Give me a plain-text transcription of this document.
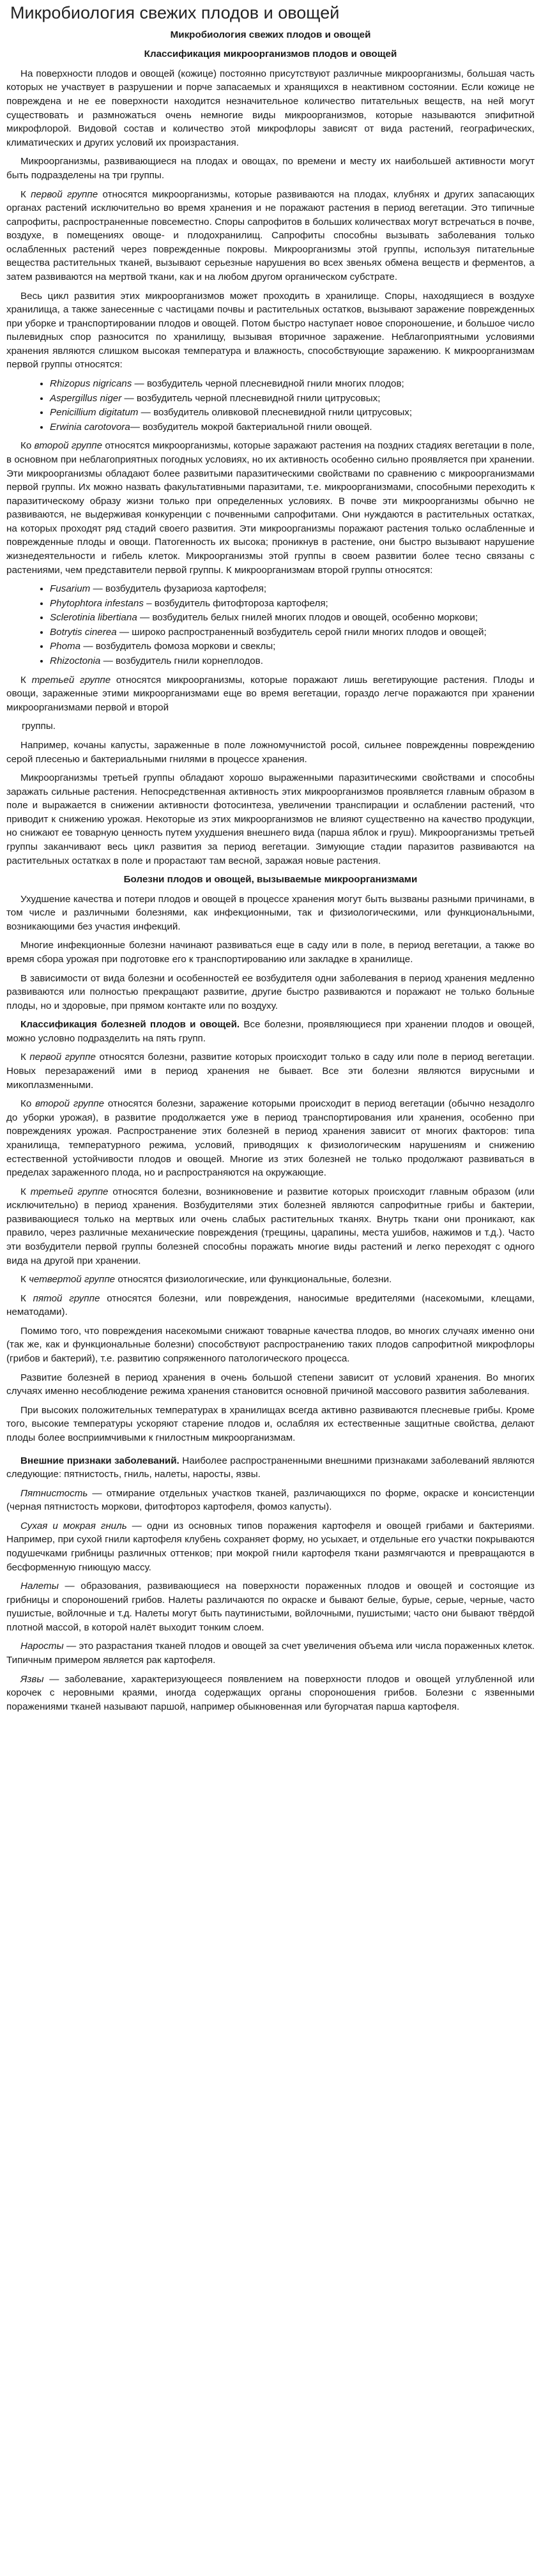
Микробиология свежих плодов и овощей
Микробиология свежих плодов и овощей
Классификация микроорганизмов плодов и овощей

На поверхности плодов и овощей (кожице) постоянно присутствуют различные микроорганизмы, большая часть которых не участвует в разрушении и порче запасаемых и хранящихся в неактивном состоянии. Если кожице не повреждена и не ее поверхности находится незначительное количество питательных веществ, на ней могут существовать и размножаться очень немногие виды микроорганизмов, которые называются эпифитной микрофлорой. Видовой состав и количество этой микрофлоры зависят от вида растений, географических, климатических и других условий их произрастания.

Микроорганизмы, развивающиеся на плодах и овощах, по времени и месту их наибольшей активности могут быть подразделены на три группы.

К первой группе относятся микроорганизмы, которые развиваются на плодах, клубнях и других запасающих органах растений исключительно во время хранения и не поражают растения в период вегетации. Это типичные сапрофиты, распространенные повсеместно. Споры сапрофитов в больших количествах могут встречаться в почве, воздухе, в помещениях овоще- и плодохранилищ. Сапрофиты способны вызывать заболевания только ослабленных растений через поврежденные покровы. Микроорганизмы этой группы, используя питательные вещества растительных тканей, вызывают серьезные нарушения во всех звеньях обмена веществ и ферментов, а затем развиваются на мертвой ткани, как и на любом другом органическом субстрате.

Весь цикл развития этих микроорганизмов может проходить в хранилище. Споры, находящиеся в воздухе хранилища, а также занесенные с частицами почвы и растительных остатков, вызывают заражение поврежденных при уборке и транспортировании плодов и овощей. Потом быстро наступает новое спороношение, и большое число пылевидных спор разносится по хранилищу, вызывая вторичное заражение. Неблагоприятными условиями хранения являются слишком высокая температура и влажность, способствующие заражению. К микроорганизмам первой группы относятся:

• Rhizopus nigricans — возбудитель черной плесневидной гнили многих плодов;
• Aspergillus niger — возбудитель черной плесневидной гнили цитрусовых;
• Penicillium digitatum — возбудитель оливковой плесневидной гнили цитрусовых;
• Erwinia carotovora— возбудитель мокрой бактериальной гнили овощей.

Ко второй группе относятся микроорганизмы, которые заражают растения на поздних стадиях вегетации в поле, в основном при неблагоприятных погодных условиях, но их активность особенно сильно проявляется при хранении. Эти микроорганизмы обладают более развитыми паразитическими свойствами по сравнению с микроорганизмами первой группы. Их можно назвать факультативными паразитами, т.е. микроорганизмами, способными переходить к паразитическому образу жизни только при определенных условиях. В почве эти микроорганизмы обычно не развиваются, не выдерживая конкуренции с почвенными сапрофитами. Они нуждаются в растительных остатках, на которых проходят ряд стадий своего развития. Эти микроорганизмы поражают растения только ослабленные и поврежденные плоды и овощи. Патогенность их высока; проникнув в растение, они быстро вызывают нарушение жизнедеятельности и гибель клеток. Микроорганизмы этой группы в своем развитии более тесно связаны с растениями, чем представители первой группы. К микроорганизмам второй группы относятся:

• Fusarium — возбудитель фузариоза картофеля;
• Phytophtora infestans – возбудитель фитофтороза картофеля;
• Sclerotinia libertiana — возбудитель белых гнилей многих плодов и овощей, особенно моркови;
• Botrytis cinerea — широко распространенный возбудитель серой гнили многих плодов и овощей;
• Phoma — возбудитель фомоза моркови и свеклы;
• Rhizoctonia — возбудитель гнили корнеплодов.

К третьей группе относятся микроорганизмы, которые поражают лишь вегетирующие растения. Плоды и овощи, зараженные этими микроорганизмами еще во время вегетации, гораздо легче поражаются при хранении микроорганизмами первой и второй

группы.

Например, кочаны капусты, зараженные в поле ложномучнистой росой, сильнее поврежденны повреждению серой плесенью и бактериальными гнилями в процессе хранения.

Микроорганизмы третьей группы обладают хорошо выраженными паразитическими свойствами и способны заражать сильные растения. Непосредственная активность этих микроорганизмов проявляется главным образом в поле и выражается в снижении активности фотосинтеза, увеличении транспирации и ослаблении растений, что приводит к снижению урожая. Некоторые из этих микроорганизмов не влияют существенно на качество продукции, но снижают ее товарную ценность путем ухудшения внешнего вида (парша яблок и груш). Микроорганизмы третьей группы заканчивают весь цикл развития за период вегетации. Зимующие стадии паразитов развиваются на растительных остатках в поле и прорастают там весной, заражая новые растения.

Болезни плодов и овощей, вызываемые микроорганизмами

Ухудшение качества и потери плодов и овощей в процессе хранения могут быть вызваны разными причинами, в том числе и различными болезнями, как инфекционными, так и физиологическими, или функциональными, возникающими без участия инфекций.

Многие инфекционные болезни начинают развиваться еще в саду или в поле, в период вегетации, а также во время сбора урожая при подготовке его к транспортированию или закладке в хранилище.

В зависимости от вида болезни и особенностей ее возбудителя одни заболевания в период хранения медленно развиваются или полностью прекращают развитие, другие быстро развиваются и поражают не только больные плоды, но и здоровые, при прямом контакте или по воздуху.

Классификация болезней плодов и овощей. Все болезни, проявляющиеся при хранении плодов и овощей, можно условно подразделить на пять групп.

К первой группе относятся болезни, развитие которых происходит только в саду или поле в период вегетации. Новых перезаражений ими в период хранения не бывает. Все эти болезни являются вирусными и микоплазменными.

Ко второй группе относятся болезни, заражение которыми происходит в период вегетации (обычно незадолго до уборки урожая), в развитие продолжается уже в период транспортирования или хранения, особенно при повреждениях урожая. Распространение этих болезней в период хранения зависит от многих факторов: типа хранилища, температурного режима, условий, приводящих к физиологическим нарушениям и снижению естественной устойчивости плодов и овощей. Многие из этих болезней не только продолжают развиваться в пределах зараженного плода, но и распространяются на окружающие.

К третьей группе относятся болезни, возникновение и развитие которых происходит главным образом (или исключительно) в период хранения. Возбудителями этих болезней являются сапрофитные грибы и бактерии, развивающиеся только на мертвых или очень слабых растительных тканях. Внутрь ткани они проникают, как правило, через различные механические повреждения (трещины, царапины, места ушибов, нажимов и т.д.). Часто эти возбудители первой группы болезней способны поражать многие виды растений и легко переходят с одного вида на другой при хранении.

К четвертой группе относятся физиологические, или функциональные, болезни.

К пятой группе относятся болезни, или повреждения, наносимые вредителями (насекомыми, клещами, нематодами).

Помимо того, что повреждения насекомыми снижают товарные качества плодов, во многих случаях именно они (так же, как и функциональные болезни) способствуют распространению таких плодов сапрофитной микрофлоры (грибов и бактерий), т.е. развитию сопряженного патологического процесса.

Развитие болезней в период хранения в очень большой степени зависит от условий хранения. Во многих случаях именно несоблюдение режима хранения становится основной причиной массового развития заболевания.

При высоких положительных температурах в хранилищах всегда активно развиваются плесневые грибы. Кроме того, высокие температуры ускоряют старение плодов и, ослабляя их естественные защитные свойства, делают плоды более восприимчивыми к гнилостным микроорганизмам.

Внешние признаки заболеваний. Наиболее распространенными внешними признаками заболеваний являются следующие: пятнистость, гниль, налеты, наросты, язвы.

Пятнистость — отмирание отдельных участков тканей, различающихся по форме, окраске и консистенции (черная пятнистость моркови, фитофтороз картофеля, фомоз капусты).

Сухая и мокрая гниль — одни из основных типов поражения картофеля и овощей грибами и бактериями. Например, при сухой гнили картофеля клубень сохраняет форму, но усыхает, и отдельные его участки покрываются подушечками грибницы различных оттенков; при мокрой гнили картофеля ткани размягчаются и превращаются в бесформенную гниющую массу.

Налеты — образования, развивающиеся на поверхности пораженных плодов и овощей и состоящие из грибницы и спороношений грибов. Налеты различаются по окраске и бывают белые, бурые, серые, черные, часто пушистые, войлочные и т.д. Налеты могут быть паутинистыми, войлочными, пушистыми; часто они бывают твёрдой плотной массой, в которой налёт выходит тонким слоем.

Наросты — это разрастания тканей плодов и овощей за счет увеличения объема или числа пораженных клеток. Типичным примером является рак картофеля.

Язвы — заболевание, характеризующееся появлением на поверхности плодов и овощей углубленной или корочек с неровными краями, иногда содержащих органы спороношения грибов. Болезни с язвенными поражениями тканей называют паршой, например обыкновенная или бугорчатая парша картофеля.
